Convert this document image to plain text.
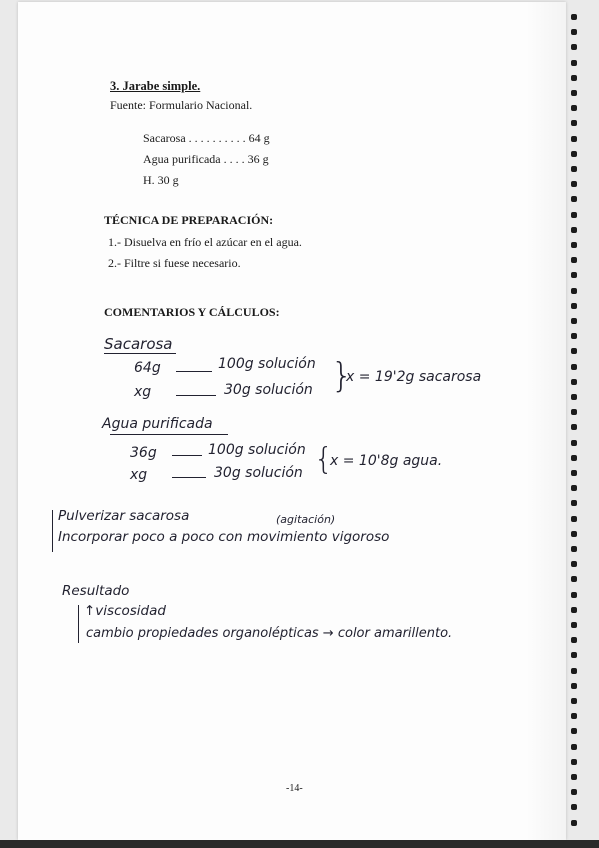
3. Jarabe simple.
Fuente: Formulario Nacional.
Sacarosa . . . . . . . . . . 64 g
Agua purificada . . . . 36 g
H. 30 g
TÉCNICA DE PREPARACIÓN:
1.- Disuelva en frío el azúcar en el agua.
2.- Filtre si fuese necesario.
COMENTARIOS Y CÁLCULOS:
Sacarosa
64g	100g solución
xg	30g solución }
x = 19'2g sacarosa
Agua purificada
36g	100g solución
xg	30g solución {
x = 10'8g agua.
Pulverizar sacarosa	(agitación)
Incorporar poco a poco con movimiento vigoroso
Resultado
↑viscosidad
cambio propiedades organolépticas → color amarillento.
-14-
